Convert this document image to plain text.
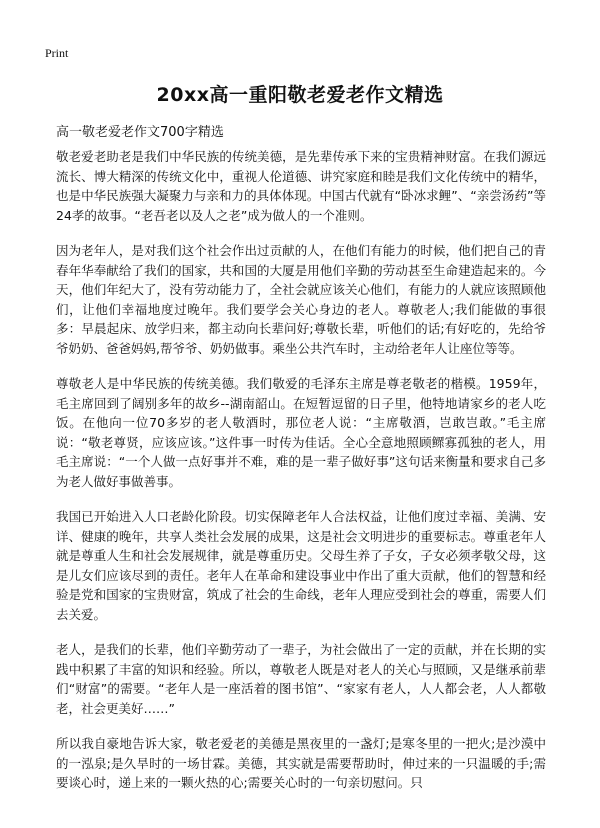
Print
20xx高一重阳敬老爱老作文精选
高一敬老爱老作文700字精选

敬老爱老助老是我们中华民族的传统美德，是先辈传承下来的宝贵精神财富。在我们源远流长、博大精深的传统文化中，重视人伦道德、讲究家庭和睦是我们文化传统中的精华，也是中华民族强大凝聚力与亲和力的具体体现。中国古代就有“卧冰求鲤”、“亲尝汤药”等24孝的故事。“老吾老以及人之老”成为做人的一个准则。

因为老年人，是对我们这个社会作出过贡献的人，在他们有能力的时候，他们把自己的青春年华奉献给了我们的国家，共和国的大厦是用他们辛勤的劳动甚至生命建造起来的。今天，他们年纪大了，没有劳动能力了，全社会就应该关心他们，有能力的人就应该照顾他们，让他们幸福地度过晚年。我们要学会关心身边的老人。尊敬老人;我们能做的事很多：早晨起床、放学归来，都主动向长辈问好;尊敬长辈，听他们的话;有好吃的，先给爷爷奶奶、爸爸妈妈,帮爷爷、奶奶做事。乘坐公共汽车时，主动给老年人让座位等等。

尊敬老人是中华民族的传统美德。我们敬爱的毛泽东主席是尊老敬老的楷模。1959年，毛主席回到了阔别多年的故乡--湖南韶山。在短暂逗留的日子里，他特地请家乡的老人吃饭。在他向一位70多岁的老人敬酒时，那位老人说：“主席敬酒，岂敢岂敢。”毛主席说：“敬老尊贤，应该应该。”这件事一时传为佳话。全心全意地照顾鳏寡孤独的老人，用毛主席说：“一个人做一点好事并不难，难的是一辈子做好事”这句话来衡量和要求自己多为老人做好事做善事。

我国已开始进入人口老龄化阶段。切实保障老年人合法权益，让他们度过幸福、美满、安详、健康的晚年，共享人类社会发展的成果，这是社会文明进步的重要标志。尊重老年人就是尊重人生和社会发展规律，就是尊重历史。父母生养了子女，子女必须孝敬父母，这是儿女们应该尽到的责任。老年人在革命和建设事业中作出了重大贡献，他们的智慧和经验是党和国家的宝贵财富，筑成了社会的生命线，老年人理应受到社会的尊重，需要人们去关爱。

老人，是我们的长辈，他们辛勤劳动了一辈子，为社会做出了一定的贡献，并在长期的实践中积累了丰富的知识和经验。所以，尊敬老人既是对老人的关心与照顾，又是继承前辈们“财富”的需要。“老年人是一座活着的图书馆”、“家家有老人，人人都会老，人人都敬老，社会更美好……”

所以我自豪地告诉大家，敬老爱老的美德是黑夜里的一盏灯;是寒冬里的一把火;是沙漠中的一泓泉;是久旱时的一场甘霖。美德，其实就是需要帮助时，伸过来的一只温暖的手;需要谈心时，递上来的一颗火热的心;需要关心时的一句亲切慰问。只
